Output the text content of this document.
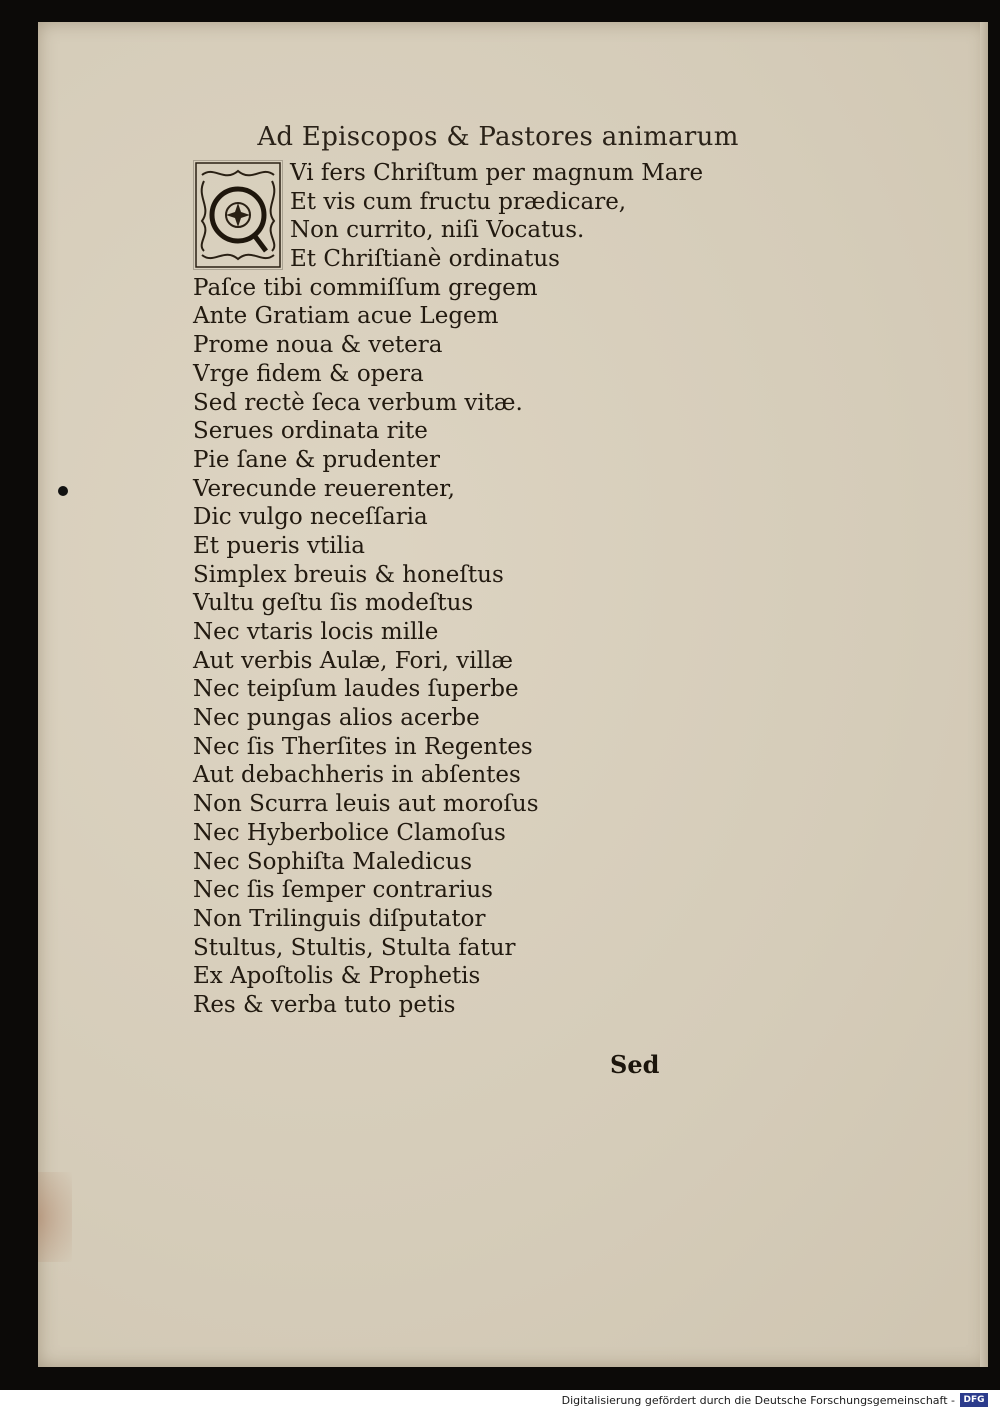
Ad Episcopos & Pastores animarum
Vi fers Chriſtum per magnum Mare
Et vis cum fructu prædicare,
Non currito, niſi Vocatus.
Et Chriſtianè ordinatus
Paſce tibi commiſſum gregem
Ante Gratiam acue Legem
Prome noua & vetera
Vrge fidem & opera
Sed rectè ſeca verbum vitæ.
Serues ordinata rite
Pie ſane & prudenter
Verecunde reuerenter,
Dic vulgo neceſſaria
Et pueris vtilia
Simplex breuis & honeſtus
Vultu geſtu ſis modeſtus
Nec vtaris locis mille
Aut verbis Aulæ, Fori, villæ
Nec teipſum laudes ſuperbe
Nec pungas alios acerbe
Nec ſis Therſites in Regentes
Aut debachheris in abſentes
Non Scurra leuis aut moroſus
Nec Hyberbolice Clamoſus
Nec Sophiſta Maledicus
Nec ſis ſemper contrarius
Non Trilinguis diſputator
Stultus, Stultis, Stulta fatur
Ex Apoſtolis & Prophetis
Res & verba tuto petis
Sed
Digitalisierung gefördert durch die Deutsche Forschungsgemeinschaft - DFG
